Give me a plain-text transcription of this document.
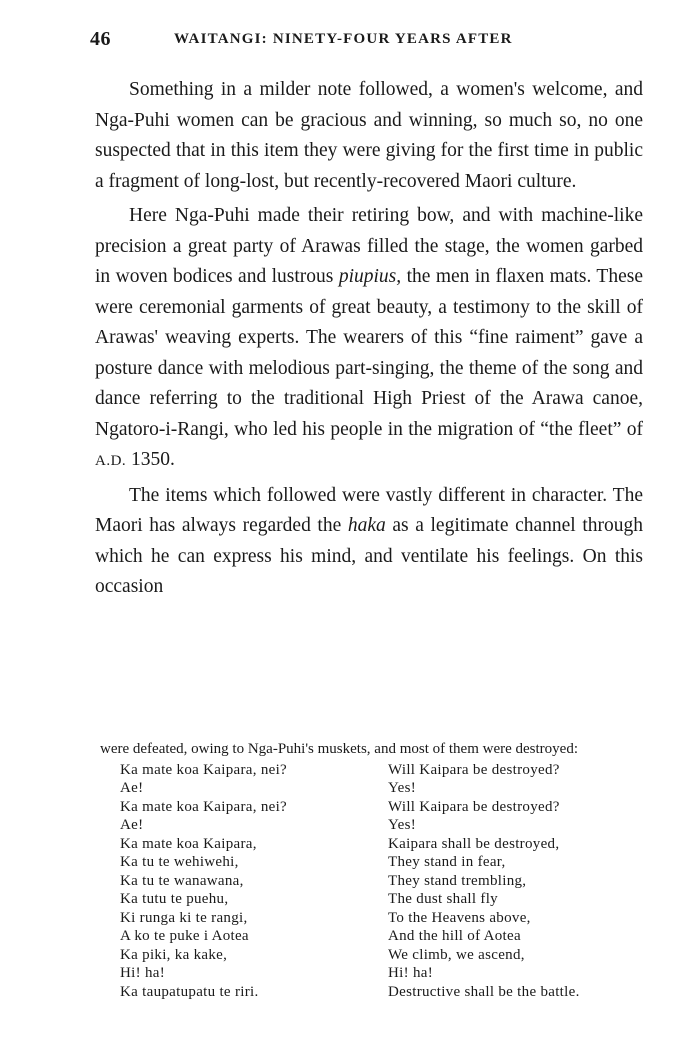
46	WAITANGI: NINETY-FOUR YEARS AFTER

Something in a milder note followed, a women's welcome, and Nga-Puhi women can be gracious and winning, so much so, no one suspected that in this item they were giving for the first time in public a fragment of long-lost, but recently-recovered Maori culture.

Here Nga-Puhi made their retiring bow, and with machine-like precision a great party of Arawas filled the stage, the women garbed in woven bodices and lustrous piupius, the men in flaxen mats. These were ceremonial garments of great beauty, a testimony to the skill of Arawas' weaving experts. The wearers of this “fine raiment” gave a posture dance with melodious part-singing, the theme of the song and dance referring to the traditional High Priest of the Arawa canoe, Ngatoro-i-Rangi, who led his people in the migration of “the fleet” of A.D. 1350.

The items which followed were vastly different in character. The Maori has always regarded the haka as a legitimate channel through which he can express his mind, and ventilate his feelings. On this occasion

were defeated, owing to Nga-Puhi's muskets, and most of them were destroyed:

Ka mate koa Kaipara, nei?	Will Kaipara be destroyed?
Ae!	Yes!
Ka mate koa Kaipara, nei?	Will Kaipara be destroyed?
Ae!	Yes!
Ka mate koa Kaipara,	Kaipara shall be destroyed,
Ka tu te wehiwehi,	They stand in fear,
Ka tu te wanawana,	They stand trembling,
Ka tutu te puehu,	The dust shall fly
Ki runga ki te rangi,	To the Heavens above,
A ko te puke i Aotea	And the hill of Aotea
Ka piki, ka kake,	We climb, we ascend,
Hi! ha!	Hi! ha!
Ka taupatupatu te riri.	Destructive shall be the battle.
